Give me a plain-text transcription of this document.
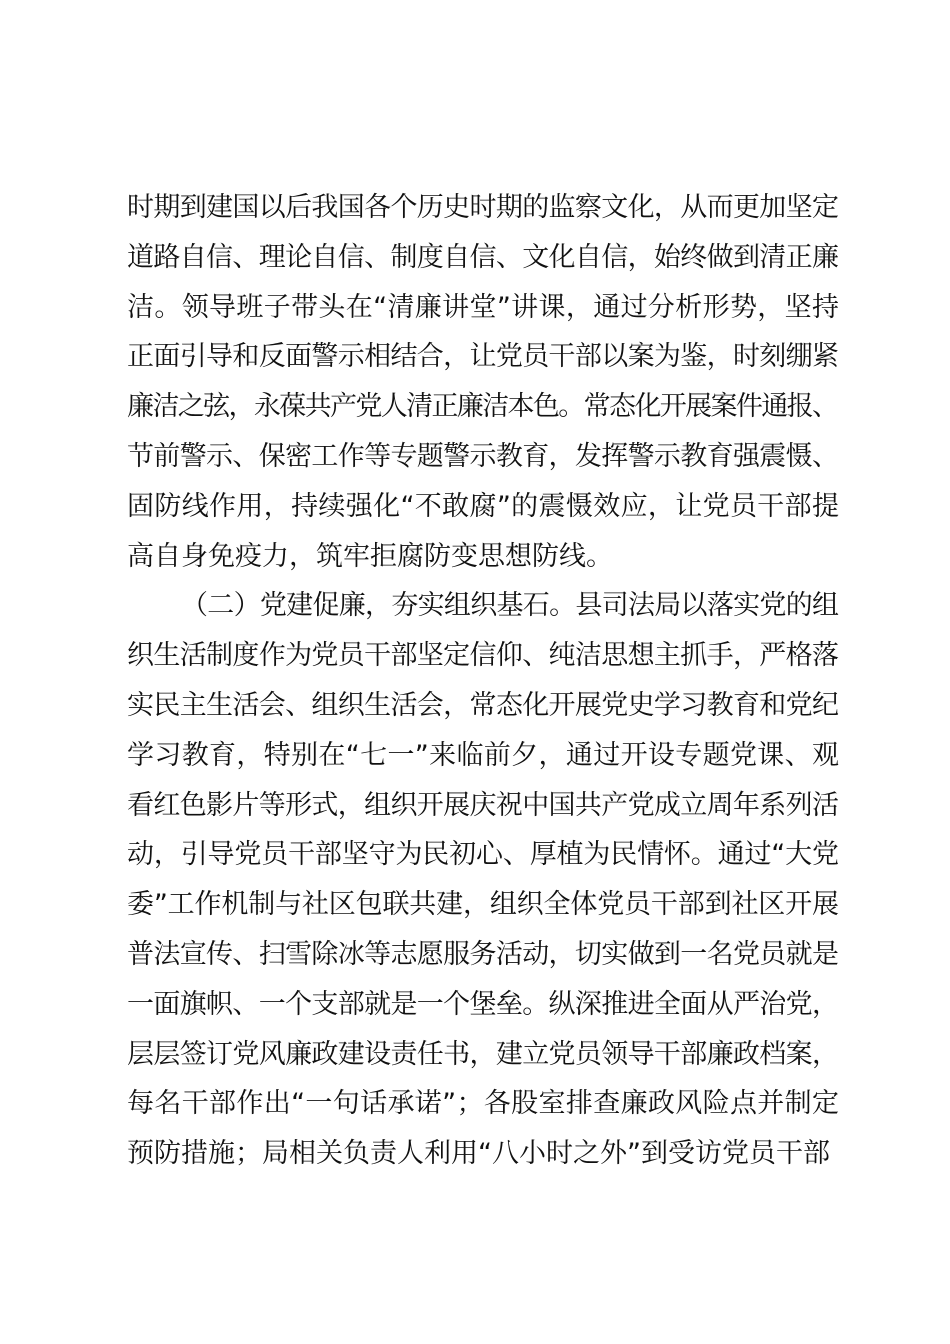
时期到建国以后我国各个历史时期的监察文化，从而更加坚定
道路自信、理论自信、制度自信、文化自信，始终做到清正廉
洁。领导班子带头在“清廉讲堂”讲课，通过分析形势，坚持
正面引导和反面警示相结合，让党员干部以案为鉴，时刻绷紧
廉洁之弦，永葆共产党人清正廉洁本色。常态化开展案件通报、
节前警示、保密工作等专题警示教育，发挥警示教育强震慑、
固防线作用，持续强化“不敢腐”的震慑效应，让党员干部提
高自身免疫力，筑牢拒腐防变思想防线。
（二）党建促廉，夯实组织基石。县司法局以落实党的组
织生活制度作为党员干部坚定信仰、纯洁思想主抓手，严格落
实民主生活会、组织生活会，常态化开展党史学习教育和党纪
学习教育，特别在“七一”来临前夕，通过开设专题党课、观
看红色影片等形式，组织开展庆祝中国共产党成立周年系列活
动，引导党员干部坚守为民初心、厚植为民情怀。通过“大党
委”工作机制与社区包联共建，组织全体党员干部到社区开展
普法宣传、扫雪除冰等志愿服务活动，切实做到一名党员就是
一面旗帜、一个支部就是一个堡垒。纵深推进全面从严治党，
层层签订党风廉政建设责任书，建立党员领导干部廉政档案，
每名干部作出“一句话承诺”；各股室排查廉政风险点并制定
预防措施；局相关负责人利用“八小时之外”到受访党员干部
